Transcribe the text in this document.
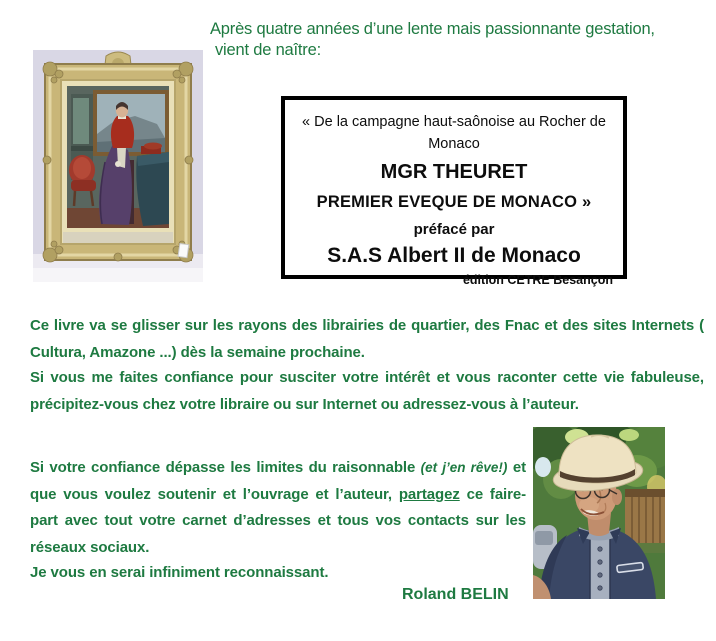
Après quatre années d’une lente mais passionnante gestation,
vient de naître:
« De la campagne haut-saônoise au Rocher de
Monaco
MGR THEURET
PREMIER EVEQUE DE MONACO »
préfacé par
S.A.S Albert II de Monaco
édition CETRE Besançon
Ce livre va se glisser sur les rayons des librairies de quartier, des Fnac et des sites Internets ( Cultura, Amazone ...) dès la semaine prochaine.
Si vous me faites confiance pour susciter votre intérêt et vous raconter cette vie fabuleuse, précipitez-vous chez votre libraire ou sur Internet ou adressez-vous à l’auteur.
Si votre confiance dépasse les limites du raisonnable (et j’en rêve!) et que vous voulez soutenir et l’ouvrage et l’auteur, partagez ce faire-part avec tout votre carnet d’adresses et tous vos contacts sur les réseaux sociaux.
Je vous en serai infiniment reconnaissant.
Roland BELIN
